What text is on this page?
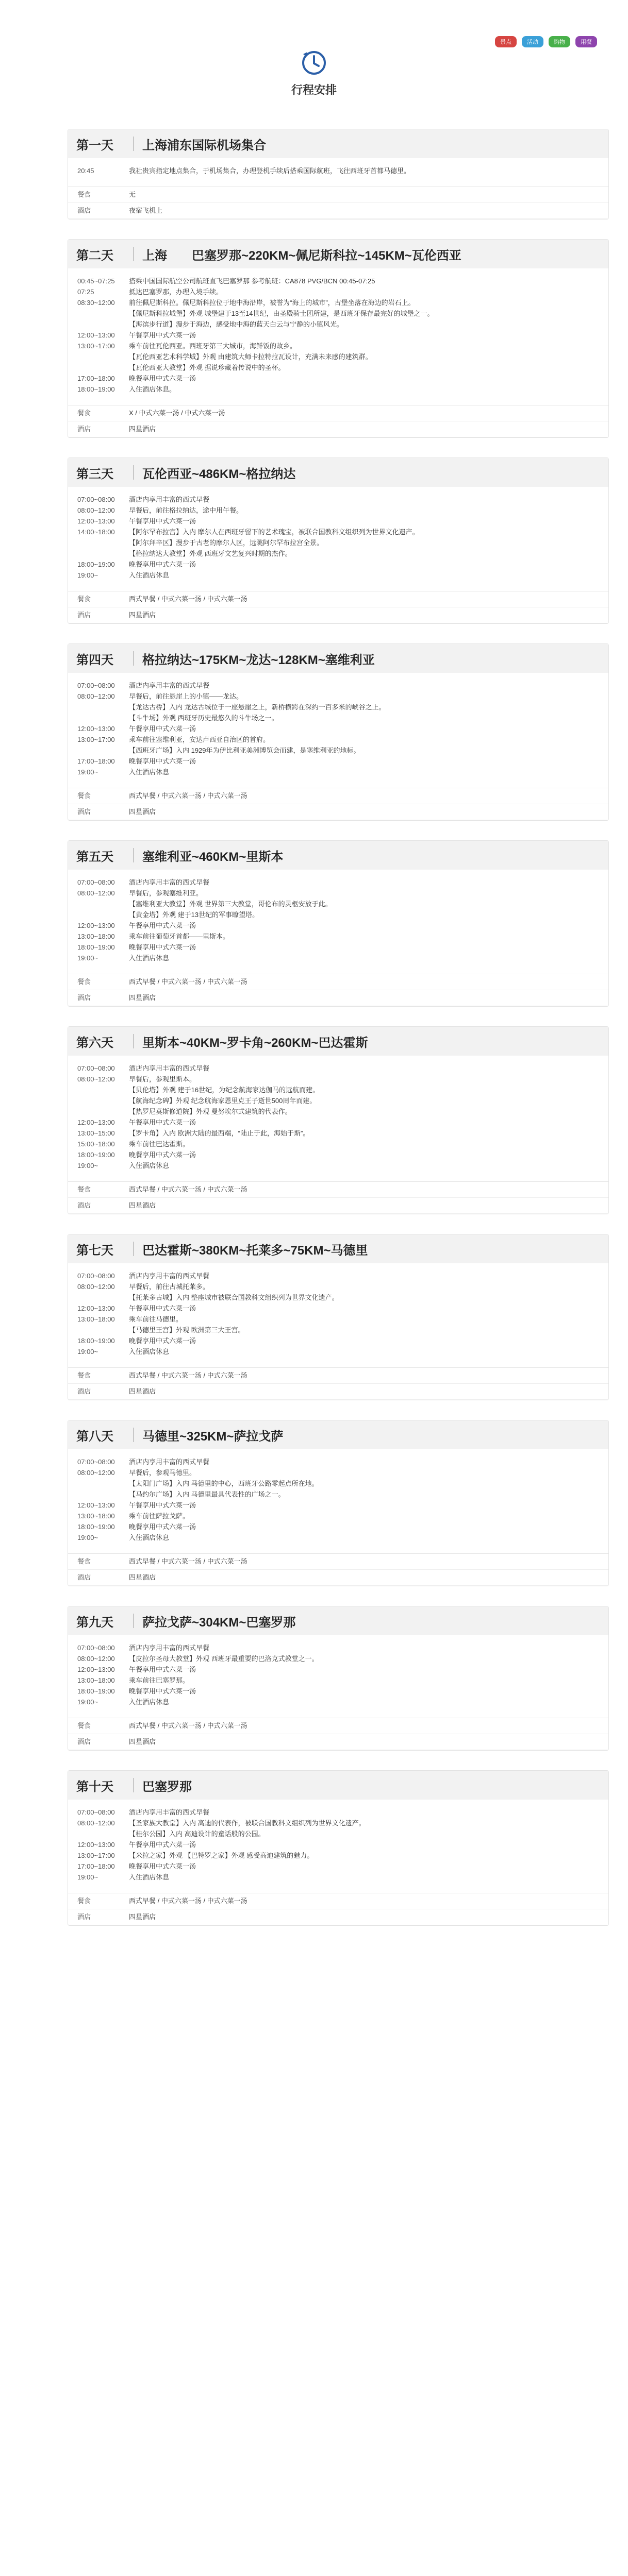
景点	活动	购物	用餐
行程安排
第一天	上海浦东国际机场集合
20:45	我社贵宾指定地点集合，于机场集合，办理登机手续后搭乘国际航班，飞往西班牙首都马德里。
餐食	无
酒店	夜宿飞机上
第二天	上海　　巴塞罗那~220KM~佩尼斯科拉~145KM~瓦伦西亚
00:45~07:25	搭乘中国国际航空公司航班直飞巴塞罗那 参考航班：CA878 PVG/BCN 00:45-07:25
07:25	抵达巴塞罗那，办理入境手续。
08:30~12:00	前往佩尼斯科拉。佩尼斯科拉位于地中海沿岸，被誉为“海上的城市”，古堡坐落在海边的岩石上。
【佩尼斯科拉城堡】外观 城堡建于13至14世纪，由圣殿骑士团所建，是西班牙保存最完好的城堡之一。
【海滨步行道】漫步于海边，感受地中海的蓝天白云与宁静的小镇风光。
12:00~13:00	午餐享用中式六菜一汤
13:00~17:00	乘车前往瓦伦西亚。西班牙第三大城市，海鲜饭的故乡。
【瓦伦西亚艺术科学城】外观 由建筑大师卡拉特拉瓦设计，充满未来感的建筑群。
【瓦伦西亚大教堂】外观 据说珍藏着传说中的圣杯。
17:00~18:00	晚餐享用中式六菜一汤
18:00~19:00	入住酒店休息。
餐食	X / 中式六菜一汤 / 中式六菜一汤
酒店	四星酒店
第三天	瓦伦西亚~486KM~格拉纳达
07:00~08:00	酒店内享用丰富的西式早餐
08:00~12:00	早餐后，前往格拉纳达，途中用午餐。
12:00~13:00	午餐享用中式六菜一汤
14:00~18:00	【阿尔罕布拉宫】入内 摩尔人在西班牙留下的艺术瑰宝，被联合国教科文组织列为世界文化遗产。
【阿尔拜辛区】漫步于古老的摩尔人区，远眺阿尔罕布拉宫全景。
【格拉纳达大教堂】外观 西班牙文艺复兴时期的杰作。
18:00~19:00	晚餐享用中式六菜一汤
19:00~	入住酒店休息
餐食	西式早餐 / 中式六菜一汤 / 中式六菜一汤
酒店	四星酒店
第四天	格拉纳达~175KM~龙达~128KM~塞维利亚
07:00~08:00	酒店内享用丰富的西式早餐
08:00~12:00	早餐后，前往悬崖上的小镇——龙达。
【龙达古桥】入内 龙达古城位于一座悬崖之上，新桥横跨在深约一百多米的峡谷之上。
【斗牛场】外观 西班牙历史最悠久的斗牛场之一。
12:00~13:00	午餐享用中式六菜一汤
13:00~17:00	乘车前往塞维利亚，安达卢西亚自治区的首府。
【西班牙广场】入内 1929年为伊比利亚美洲博览会而建，是塞维利亚的地标。
17:00~18:00	晚餐享用中式六菜一汤
19:00~	入住酒店休息
餐食	西式早餐 / 中式六菜一汤 / 中式六菜一汤
酒店	四星酒店
第五天	塞维利亚~460KM~里斯本
07:00~08:00	酒店内享用丰富的西式早餐
08:00~12:00	早餐后，参观塞维利亚。
【塞维利亚大教堂】外观 世界第三大教堂，哥伦布的灵柩安放于此。
【黄金塔】外观 建于13世纪的军事瞭望塔。
12:00~13:00	午餐享用中式六菜一汤
13:00~18:00	乘车前往葡萄牙首都——里斯本。
18:00~19:00	晚餐享用中式六菜一汤
19:00~	入住酒店休息
餐食	西式早餐 / 中式六菜一汤 / 中式六菜一汤
酒店	四星酒店
第六天	里斯本~40KM~罗卡角~260KM~巴达霍斯
07:00~08:00	酒店内享用丰富的西式早餐
08:00~12:00	早餐后，参观里斯本。
【贝伦塔】外观 建于16世纪，为纪念航海家达伽马的远航而建。
【航海纪念碑】外观 纪念航海家恩里克王子逝世500周年而建。
【热罗尼莫斯修道院】外观 曼努埃尔式建筑的代表作。
12:00~13:00	午餐享用中式六菜一汤
13:00~15:00	【罗卡角】入内 欧洲大陆的最西端，“陆止于此，海始于斯”。
15:00~18:00	乘车前往巴达霍斯。
18:00~19:00	晚餐享用中式六菜一汤
19:00~	入住酒店休息
餐食	西式早餐 / 中式六菜一汤 / 中式六菜一汤
酒店	四星酒店
第七天	巴达霍斯~380KM~托莱多~75KM~马德里
07:00~08:00	酒店内享用丰富的西式早餐
08:00~12:00	早餐后，前往古城托莱多。
【托莱多古城】入内 整座城市被联合国教科文组织列为世界文化遗产。
12:00~13:00	午餐享用中式六菜一汤
13:00~18:00	乘车前往马德里。
【马德里王宫】外观 欧洲第三大王宫。
18:00~19:00	晚餐享用中式六菜一汤
19:00~	入住酒店休息
餐食	西式早餐 / 中式六菜一汤 / 中式六菜一汤
酒店	四星酒店
第八天	马德里~325KM~萨拉戈萨
07:00~08:00	酒店内享用丰富的西式早餐
08:00~12:00	早餐后，参观马德里。
【太阳门广场】入内 马德里的中心，西班牙公路零起点所在地。
【马约尔广场】入内 马德里最具代表性的广场之一。
12:00~13:00	午餐享用中式六菜一汤
13:00~18:00	乘车前往萨拉戈萨。
18:00~19:00	晚餐享用中式六菜一汤
19:00~	入住酒店休息
餐食	西式早餐 / 中式六菜一汤 / 中式六菜一汤
酒店	四星酒店
第九天	萨拉戈萨~304KM~巴塞罗那
07:00~08:00	酒店内享用丰富的西式早餐
08:00~12:00	【皮拉尔圣母大教堂】外观 西班牙最重要的巴洛克式教堂之一。
12:00~13:00	午餐享用中式六菜一汤
13:00~18:00	乘车前往巴塞罗那。
18:00~19:00	晚餐享用中式六菜一汤
19:00~	入住酒店休息
餐食	西式早餐 / 中式六菜一汤 / 中式六菜一汤
酒店	四星酒店
第十天	巴塞罗那
07:00~08:00	酒店内享用丰富的西式早餐
08:00~12:00	【圣家族大教堂】入内 高迪的代表作，被联合国教科文组织列为世界文化遗产。
【桂尔公园】入内 高迪设计的童话般的公园。
12:00~13:00	午餐享用中式六菜一汤
13:00~17:00	【米拉之家】外观 【巴特罗之家】外观 感受高迪建筑的魅力。
17:00~18:00	晚餐享用中式六菜一汤
19:00~	入住酒店休息
餐食	西式早餐 / 中式六菜一汤 / 中式六菜一汤
酒店	四星酒店
